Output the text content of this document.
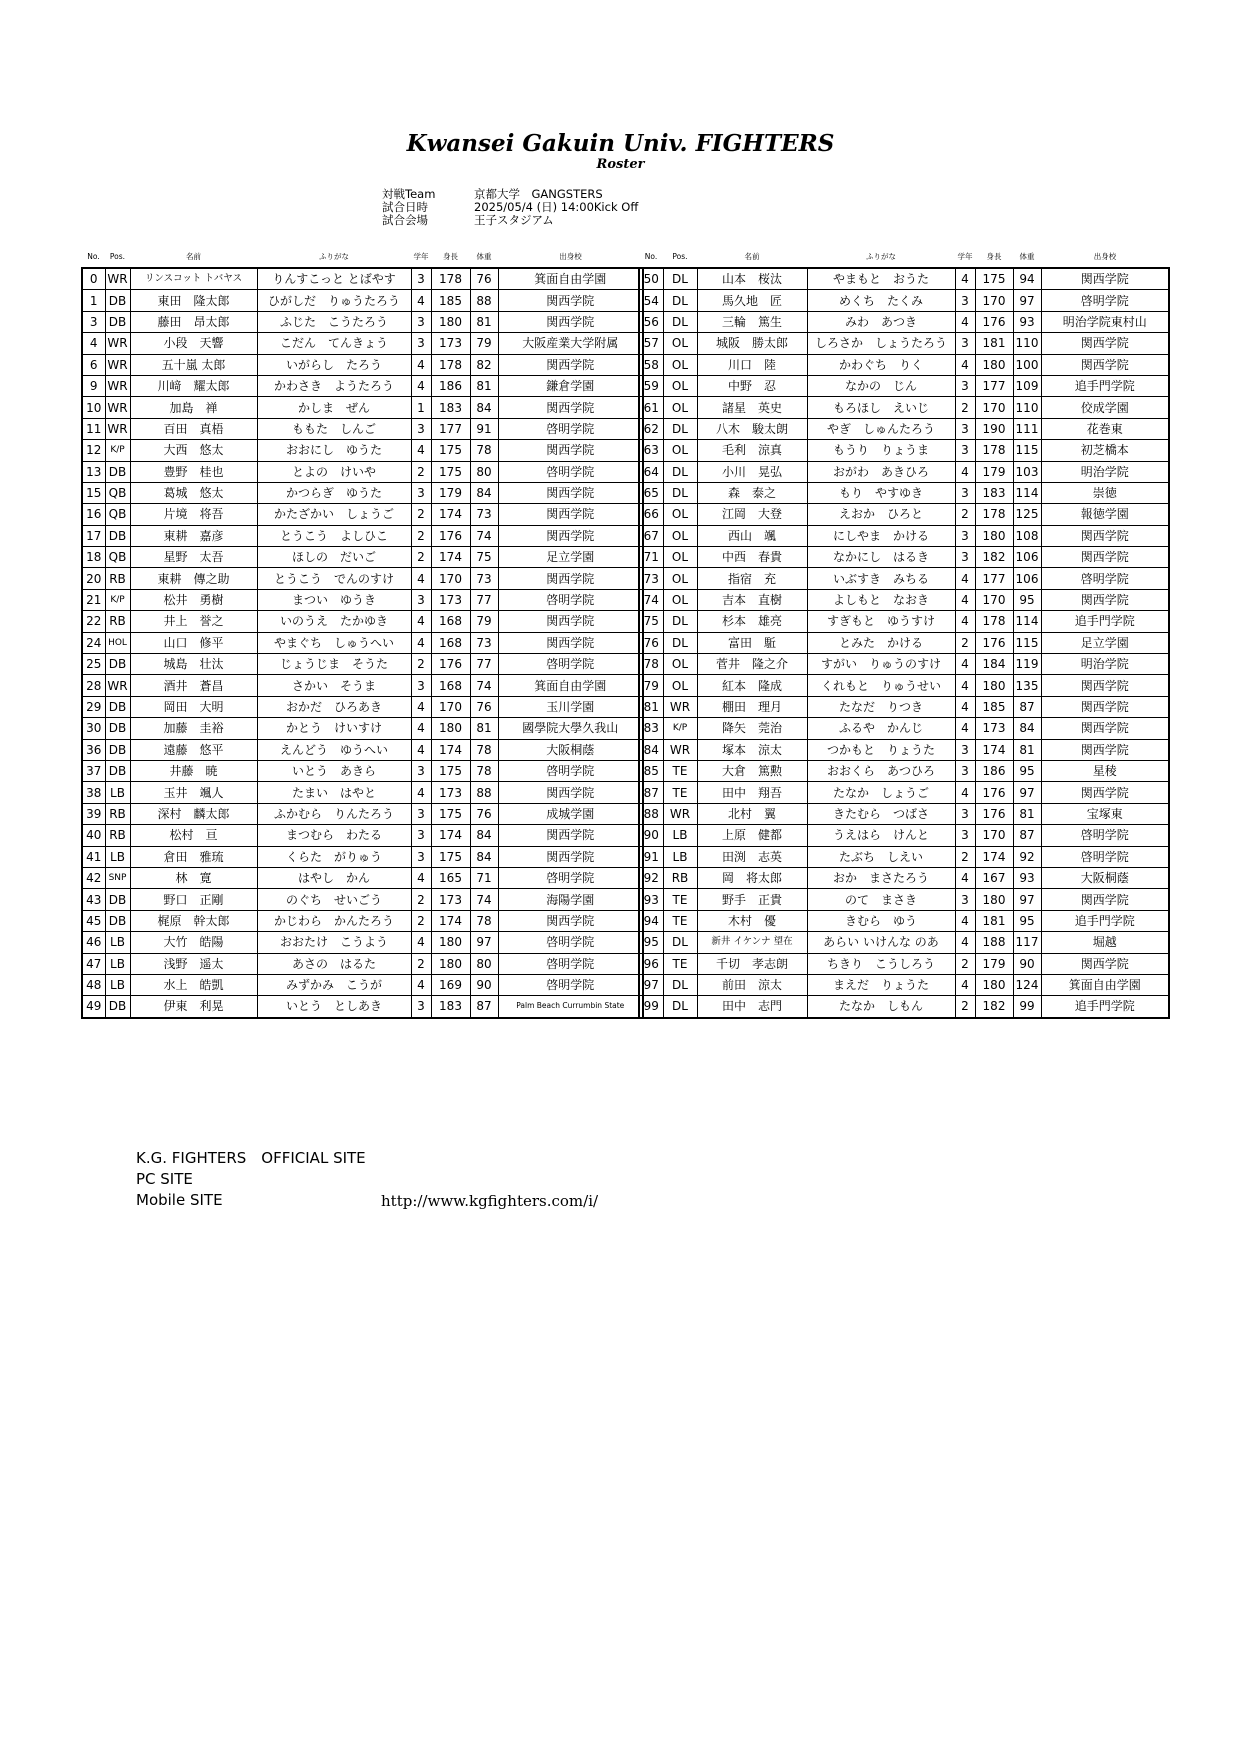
Kwansei Gakuin Univ. FIGHTERS
Roster
対戦Team	京都大学　GANGSTERS
試合日時	2025/05/4 (日) 14:00Kick Off
試合会場	王子スタジアム
No.	Pos.	名前	ふりがな	学年	身長	体重	出身校
0	WR	リンスコット トバヤス	りんすこっと とばやす	3	178	76	箕面自由学園
1	DB	東田　隆太郎	ひがしだ　りゅうたろう	4	185	88	関西学院
3	DB	藤田　昂太郎	ふじた　こうたろう	3	180	81	関西学院
4	WR	小段　天響	こだん　てんきょう	3	173	79	大阪産業大学附属
6	WR	五十嵐 太郎	いがらし　たろう	4	178	82	関西学院
9	WR	川﨑　耀太郎	かわさき　ようたろう	4	186	81	鎌倉学園
10	WR	加島　禅	かしま　ぜん	1	183	84	関西学院
11	WR	百田　真梧	ももた　しんご	3	177	91	啓明学院
12	K/P	大西　悠太	おおにし　ゆうた	4	175	78	関西学院
13	DB	豊野　桂也	とよの　けいや	2	175	80	啓明学院
15	QB	葛城　悠太	かつらぎ　ゆうた	3	179	84	関西学院
16	QB	片境　将吾	かたざかい　しょうご	2	174	73	関西学院
17	DB	東耕　嘉彦	とうこう　よしひこ	2	176	74	関西学院
18	QB	星野　太吾	ほしの　だいご	2	174	75	足立学園
20	RB	東耕　傳之助	とうこう　でんのすけ	4	170	73	関西学院
21	K/P	松井　勇樹	まつい　ゆうき	3	173	77	啓明学院
22	RB	井上　誉之	いのうえ　たかゆき	4	168	79	関西学院
24	HOL	山口　修平	やまぐち　しゅうへい	4	168	73	関西学院
25	DB	城島　壮汰	じょうじま　そうた	2	176	77	啓明学院
28	WR	酒井　蒼昌	さかい　そうま	3	168	74	箕面自由学園
29	DB	岡田　大明	おかだ　ひろあき	4	170	76	玉川学園
30	DB	加藤　圭裕	かとう　けいすけ	4	180	81	國學院大學久我山
36	DB	遠藤　悠平	えんどう　ゆうへい	4	174	78	大阪桐蔭
37	DB	井藤　暁	いとう　あきら	3	175	78	啓明学院
38	LB	玉井　颯人	たまい　はやと	4	173	88	関西学院
39	RB	深村　麟太郎	ふかむら　りんたろう	3	175	76	成城学園
40	RB	松村　亘	まつむら　わたる	3	174	84	関西学院
41	LB	倉田　雅琉	くらた　がりゅう	3	175	84	関西学院
42	SNP	林　寛	はやし　かん	4	165	71	啓明学院
43	DB	野口　正剛	のぐち　せいごう	2	173	74	海陽学園
45	DB	梶原　幹太郎	かじわら　かんたろう	2	174	78	関西学院
46	LB	大竹　皓陽	おおたけ　こうよう	4	180	97	啓明学院
47	LB	浅野　遥太	あさの　はるた	2	180	80	啓明学院
48	LB	水上　皓凱	みずかみ　こうが	4	169	90	啓明学院
49	DB	伊東　利晃	いとう　としあき	3	183	87	Palm Beach Currumbin State
No.	Pos.	名前	ふりがな	学年	身長	体重	出身校
50	DL	山本　桜汰	やまもと　おうた	4	175	94	関西学院
54	DL	馬久地　匠	めくち　たくみ	3	170	97	啓明学院
56	DL	三輪　篤生	みわ　あつき	4	176	93	明治学院東村山
57	OL	城阪　勝太郎	しろさか　しょうたろう	3	181	110	関西学院
58	OL	川口　陸	かわぐち　りく	4	180	100	関西学院
59	OL	中野　忍	なかの　じん	3	177	109	追手門学院
61	OL	諸星　英史	もろほし　えいじ	2	170	110	佼成学園
62	DL	八木　駿太朗	やぎ　しゅんたろう	3	190	111	花巻東
63	OL	毛利　涼真	もうり　りょうま	3	178	115	初芝橋本
64	DL	小川　晃弘	おがわ　あきひろ	4	179	103	明治学院
65	DL	森　泰之	もり　やすゆき	3	183	114	崇徳
66	OL	江岡　大登	えおか　ひろと	2	178	125	報徳学園
67	OL	西山　颯	にしやま　かける	3	180	108	関西学院
71	OL	中西　春貴	なかにし　はるき	3	182	106	関西学院
73	OL	指宿　充	いぶすき　みちる	4	177	106	啓明学院
74	OL	吉本　直樹	よしもと　なおき	4	170	95	関西学院
75	DL	杉本　雄亮	すぎもと　ゆうすけ	4	178	114	追手門学院
76	DL	富田　駈	とみた　かける	2	176	115	足立学園
78	OL	菅井　隆之介	すがい　りゅうのすけ	4	184	119	明治学院
79	OL	紅本　隆成	くれもと　りゅうせい	4	180	135	関西学院
81	WR	棚田　理月	たなだ　りつき	4	185	87	関西学院
83	K/P	降矢　莞治	ふるや　かんじ	4	173	84	関西学院
84	WR	塚本　涼太	つかもと　りょうた	3	174	81	関西学院
85	TE	大倉　篤勲	おおくら　あつひろ	3	186	95	星稜
87	TE	田中　翔吾	たなか　しょうご	4	176	97	関西学院
88	WR	北村　翼	きたむら　つばさ	3	176	81	宝塚東
90	LB	上原　健都	うえはら　けんと	3	170	87	啓明学院
91	LB	田渕　志英	たぶち　しえい	2	174	92	啓明学院
92	RB	岡　将太郎	おか　まさたろう	4	167	93	大阪桐蔭
93	TE	野手　正貴	のて　まさき	3	180	97	関西学院
94	TE	木村　優	きむら　ゆう	4	181	95	追手門学院
95	DL	新井 イケンナ 望在	あらい いけんな のあ	4	188	117	堀越
96	TE	千切　孝志朗	ちきり　こうしろう	2	179	90	関西学院
97	DL	前田　涼太	まえだ　りょうた	4	180	124	箕面自由学園
99	DL	田中　志門	たなか　しもん	2	182	99	追手門学院
K.G. FIGHTERS　OFFICIAL SITE
PC SITE
Mobile SITE	http://www.kgfighters.com/i/
